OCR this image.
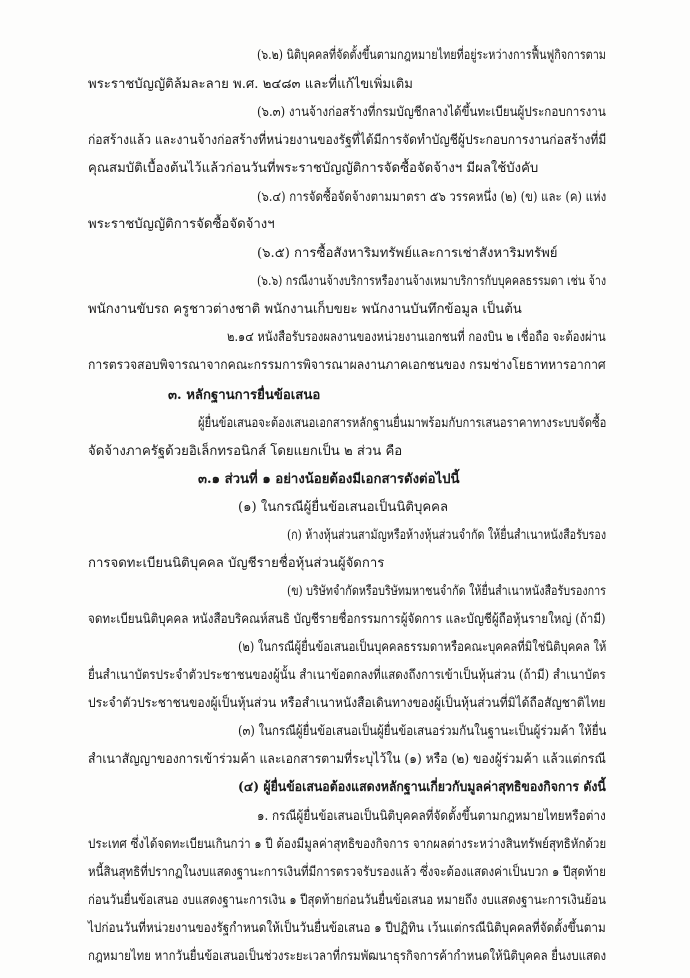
(๖.๒) นิติบุคคลที่จัดตั้งขึ้นตามกฎหมายไทยที่อยู่ระหว่างการฟื้นฟูกิจการตาม
พระราชบัญญัติล้มละลาย พ.ศ. ๒๔๘๓ และที่แก้ไขเพิ่มเติม
(๖.๓) งานจ้างก่อสร้างที่กรมบัญชีกลางได้ขึ้นทะเบียนผู้ประกอบการงาน
ก่อสร้างแล้ว และงานจ้างก่อสร้างที่หน่วยงานของรัฐที่ได้มีการจัดทำบัญชีผู้ประกอบการงานก่อสร้างที่มี
คุณสมบัติเบื้องต้นไว้แล้วก่อนวันที่พระราชบัญญัติการจัดซื้อจัดจ้างฯ มีผลใช้บังคับ
(๖.๔) การจัดซื้อจัดจ้างตามมาตรา ๕๖ วรรคหนึ่ง (๒) (ข) และ (ค) แห่ง
พระราชบัญญัติการจัดซื้อจัดจ้างฯ
(๖.๕) การซื้อสังหาริมทรัพย์และการเช่าสังหาริมทรัพย์
(๖.๖) กรณีงานจ้างบริการหรืองานจ้างเหมาบริการกับบุคคลธรรมดา เช่น จ้าง
พนักงานขับรถ ครูชาวต่างชาติ พนักงานเก็บขยะ พนักงานบันทึกข้อมูล เป็นต้น
๒.๑๔ หนังสือรับรองผลงานของหน่วยงานเอกชนที่ กองบิน ๒ เชื่อถือ จะต้องผ่าน
การตรวจสอบพิจารณาจากคณะกรรมการพิจารณาผลงานภาคเอกชนของ กรมช่างโยธาทหารอากาศ
๓. หลักฐานการยื่นข้อเสนอ
ผู้ยื่นข้อเสนอจะต้องเสนอเอกสารหลักฐานยื่นมาพร้อมกับการเสนอราคาทางระบบจัดซื้อ
จัดจ้างภาครัฐด้วยอิเล็กทรอนิกส์ โดยแยกเป็น ๒ ส่วน คือ
๓.๑ ส่วนที่ ๑ อย่างน้อยต้องมีเอกสารดังต่อไปนี้
(๑) ในกรณีผู้ยื่นข้อเสนอเป็นนิติบุคคล
(ก) ห้างหุ้นส่วนสามัญหรือห้างหุ้นส่วนจำกัด ให้ยื่นสำเนาหนังสือรับรอง
การจดทะเบียนนิติบุคคล บัญชีรายชื่อหุ้นส่วนผู้จัดการ
(ข) บริษัทจำกัดหรือบริษัทมหาชนจำกัด ให้ยื่นสำเนาหนังสือรับรองการ
จดทะเบียนนิติบุคคล หนังสือบริคณห์สนธิ บัญชีรายชื่อกรรมการผู้จัดการ และบัญชีผู้ถือหุ้นรายใหญ่ (ถ้ามี)
(๒) ในกรณีผู้ยื่นข้อเสนอเป็นบุคคลธรรมดาหรือคณะบุคคลที่มิใช่นิติบุคคล ให้
ยื่นสำเนาบัตรประจำตัวประชาชนของผู้นั้น สำเนาข้อตกลงที่แสดงถึงการเข้าเป็นหุ้นส่วน (ถ้ามี) สำเนาบัตร
ประจำตัวประชาชนของผู้เป็นหุ้นส่วน หรือสำเนาหนังสือเดินทางของผู้เป็นหุ้นส่วนที่มิได้ถือสัญชาติไทย
(๓) ในกรณีผู้ยื่นข้อเสนอเป็นผู้ยื่นข้อเสนอร่วมกันในฐานะเป็นผู้ร่วมค้า ให้ยื่น
สำเนาสัญญาของการเข้าร่วมค้า และเอกสารตามที่ระบุไว้ใน (๑) หรือ (๒) ของผู้ร่วมค้า แล้วแต่กรณี
(๔) ผู้ยื่นข้อเสนอต้องแสดงหลักฐานเกี่ยวกับมูลค่าสุทธิของกิจการ ดังนี้
๑. กรณีผู้ยื่นข้อเสนอเป็นนิติบุคคลที่จัดตั้งขึ้นตามกฎหมายไทยหรือต่าง
ประเทศ ซึ่งได้จดทะเบียนเกินกว่า ๑ ปี ต้องมีมูลค่าสุทธิของกิจการ จากผลต่างระหว่างสินทรัพย์สุทธิหักด้วย
หนี้สินสุทธิที่ปรากฏในงบแสดงฐานะการเงินที่มีการตรวจรับรองแล้ว ซึ่งจะต้องแสดงค่าเป็นบวก ๑ ปีสุดท้าย
ก่อนวันยื่นข้อเสนอ งบแสดงฐานะการเงิน ๑ ปีสุดท้ายก่อนวันยื่นข้อเสนอ หมายถึง งบแสดงฐานะการเงินย้อน
ไปก่อนวันที่หน่วยงานของรัฐกำหนดให้เป็นวันยื่นข้อเสนอ ๑ ปีปฏิทิน เว้นแต่กรณีนิติบุคคลที่จัดตั้งขึ้นตาม
กฎหมายไทย หากวันยื่นข้อเสนอเป็นช่วงระยะเวลาที่กรมพัฒนาธุรกิจการค้ากำหนดให้นิติบุคคล ยื่นงบแสดง
